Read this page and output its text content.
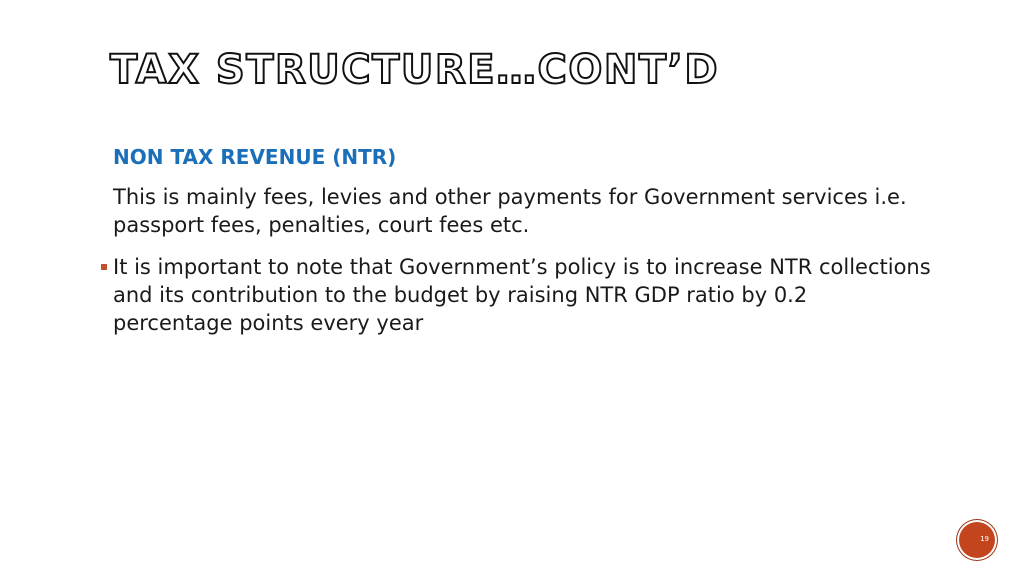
TAX STRUCTURE…CONT’D
NON TAX REVENUE (NTR)
This is mainly fees, levies and other payments for Government services i.e. passport fees, penalties, court fees etc.
It is important to note that Government’s policy is to increase NTR collections and its contribution to the budget by raising NTR GDP ratio by 0.2 percentage points every year
19
